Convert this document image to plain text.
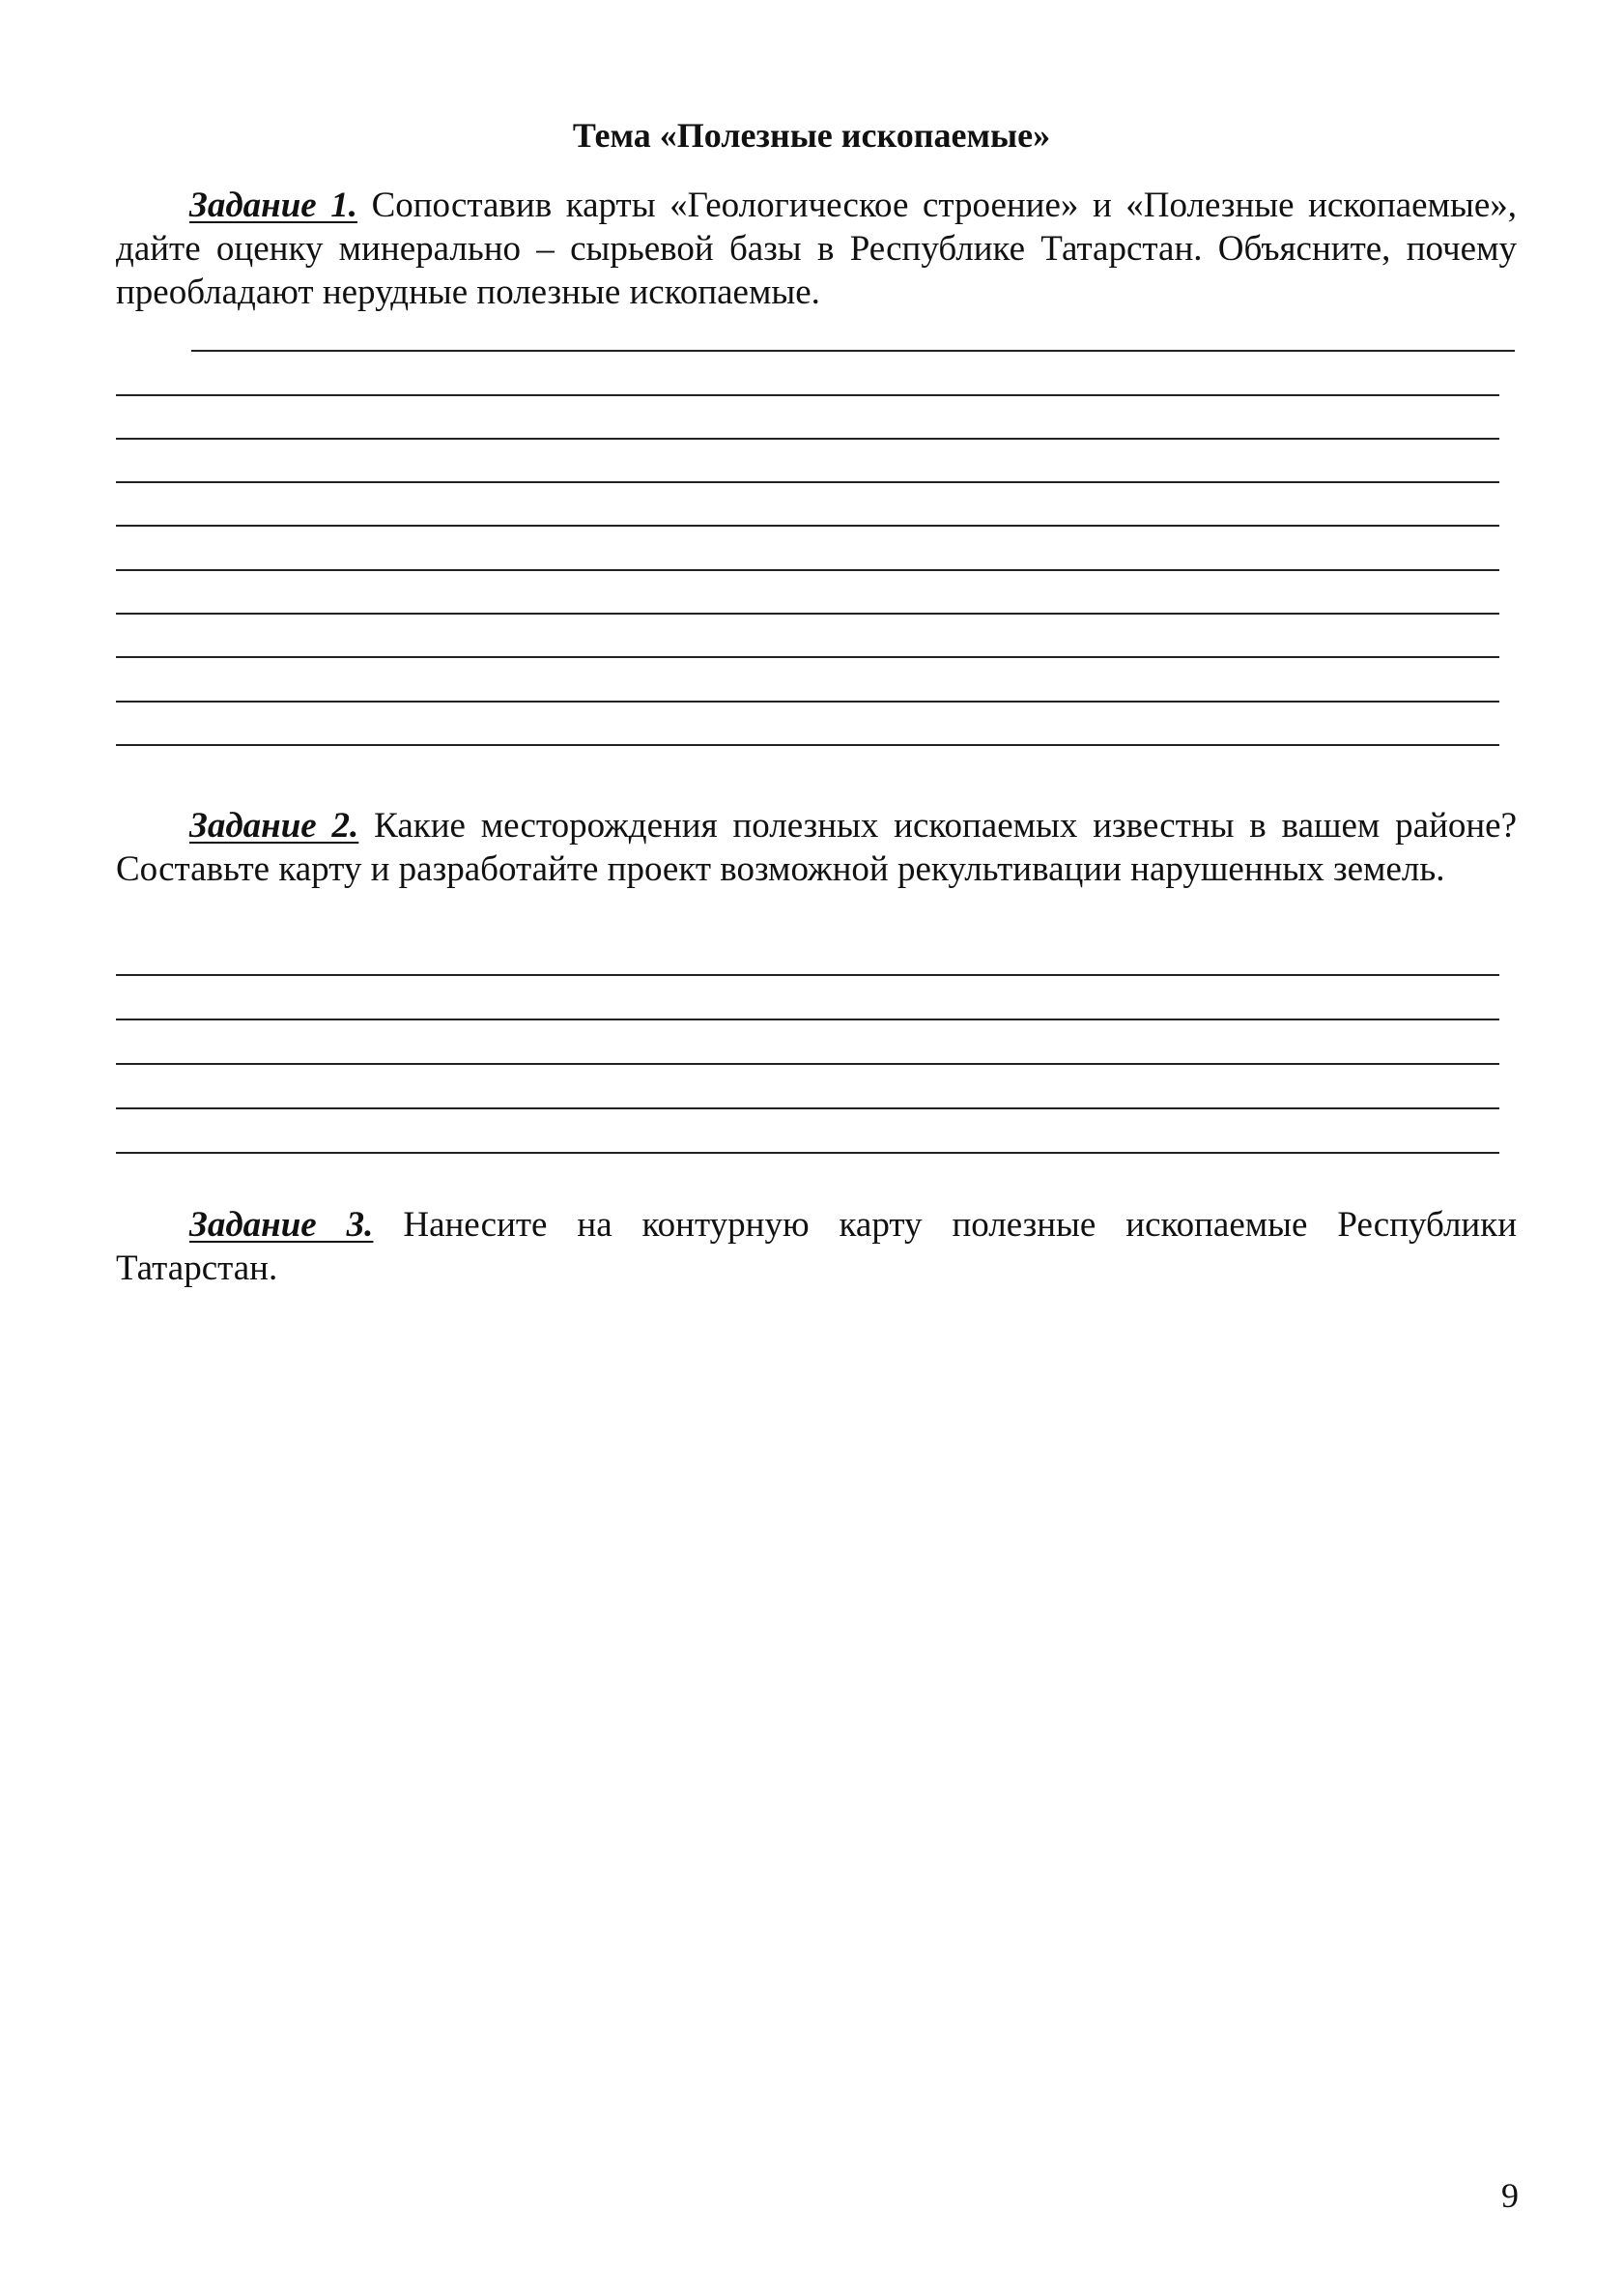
Тема «Полезные ископаемые»
Задание 1. Сопоставив карты «Геологическое строение» и «Полезные ископаемые», дайте оценку минерально – сырьевой базы в Республике Татарстан. Объясните, почему преобладают нерудные полезные ископаемые.
Задание 2. Какие месторождения полезных ископаемых известны в вашем районе? Составьте карту и разработайте проект возможной рекультивации нарушенных земель.
Задание 3. Нанесите на контурную карту полезные ископаемые Республики Татарстан.
9
